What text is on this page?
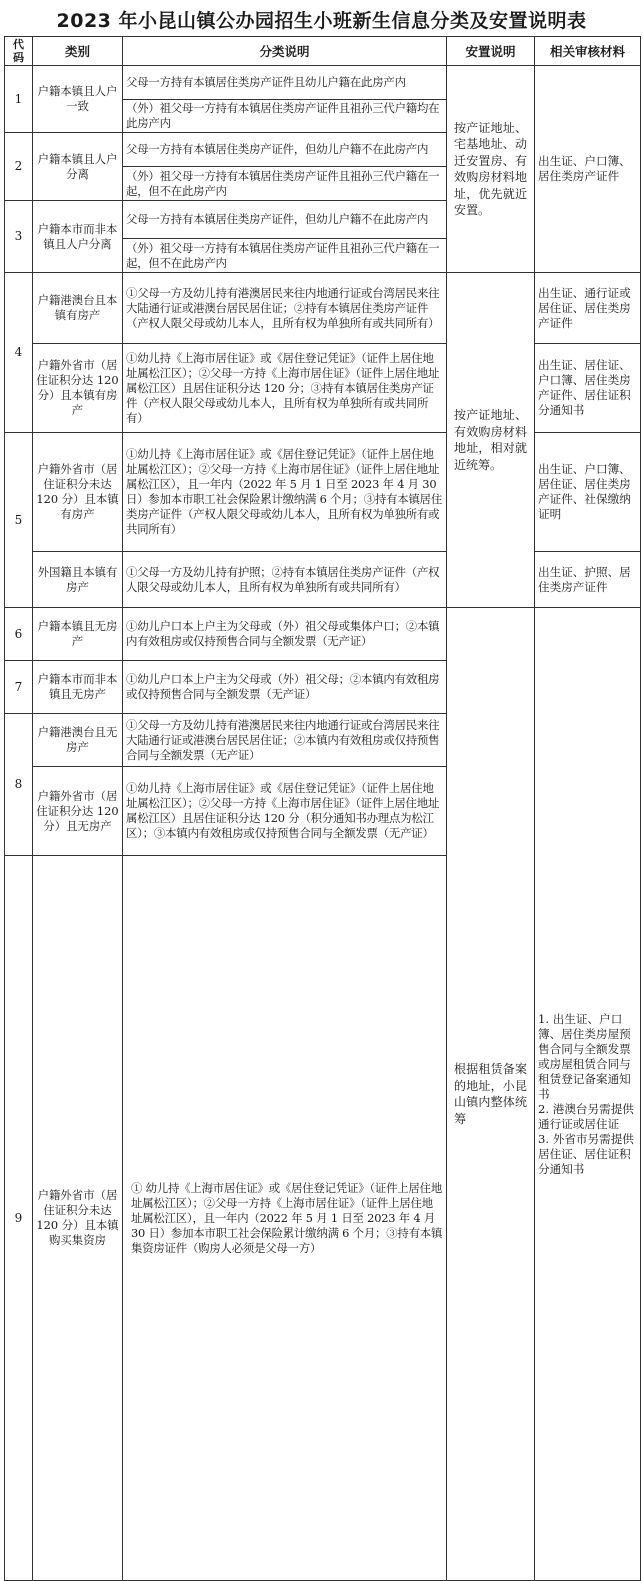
2023 年小昆山镇公办园招生小班新生信息分类及安置说明表
代码	类别	分类说明	安置说明	相关审核材料	
1	户籍本镇且人户一致	父母一方持有本镇居住类房产证件且幼儿户籍在此房产内	按产证地址、宅基地址、动迁安置房、有效购房材料地址，优先就近安置。	出生证、户口簿、居住类房产证件	
		（外）祖父母一方持有本镇居住类房产证件且祖孙三代户籍均在此房产内			
2	户籍本镇且人户分离	父母一方持有本镇居住类房产证件，但幼儿户籍不在此房产内			
		（外）祖父母一方持有本镇居住类房产证件且祖孙三代户籍在一起，但不在此房产内			
3	户籍本市而非本镇且人户分离	父母一方持有本镇居住类房产证件，但幼儿户籍不在此房产内			
		（外）祖父母一方持有本镇居住类房产证件且祖孙三代户籍在一起，但不在此房产内			
4	户籍港澳台且本镇有房产	①父母一方及幼儿持有港澳居民来往内地通行证或台湾居民来往大陆通行证或港澳台居民居住证；②持有本镇居住类房产证件（产权人限父母或幼儿本人，且所有权为单独所有或共同所有）	按产证地址、有效购房材料地址，相对就近统筹。	出生证、通行证或居住证、居住类房产证件	
	户籍外省市（居住证积分达 120 分）且本镇有房产	①幼儿持《上海市居住证》或《居住登记凭证》（证件上居住地址属松江区）；②父母一方持《上海市居住证》（证件上居住地址属松江区）且居住证积分达 120 分；③持有本镇居住类房产证件（产权人限父母或幼儿本人，且所有权为单独所有或共同所有）		出生证、居住证、户口簿、居住类房产证件、居住证积分通知书	
5	户籍外省市（居住证积分未达 120 分）且本镇有房产	①幼儿持《上海市居住证》或《居住登记凭证》（证件上居住地址属松江区）；②父母一方持《上海市居住证》（证件上居住地址属松江区），且一年内（2022 年 5 月 1 日至 2023 年 4 月 30 日）参加本市职工社会保险累计缴纳满 6 个月；③持有本镇居住类房产证件（产权人限父母或幼儿本人，且所有权为单独所有或共同所有）		出生证、户口簿、居住证、居住类房产证件、社保缴纳证明	
	外国籍且本镇有房产	①父母一方及幼儿持有护照；②持有本镇居住类房产证件（产权人限父母或幼儿本人，且所有权为单独所有或共同所有）		出生证、护照、居住类房产证件	
6	户籍本镇且无房产	①幼儿户口本上户主为父母或（外）祖父母或集体户口；②本镇内有效租房或仅持预售合同与全额发票（无产证）	根据租赁备案的地址，小昆山镇内整体统筹	1. 出生证、户口簿、居住类房屋预售合同与全额发票或房屋租赁合同与租赁登记备案通知书
2. 港澳台另需提供通行证或居住证
3. 外省市另需提供居住证、居住证积分通知书	
7	户籍本市而非本镇且无房产	①幼儿户口本上户主为父母或（外）祖父母；②本镇内有效租房或仅持预售合同与全额发票（无产证）			
8	户籍港澳台且无房产	①父母一方及幼儿持有港澳居民来往内地通行证或台湾居民来往大陆通行证或港澳台居民居住证；②本镇内有效租房或仅持预售合同与全额发票（无产证）			
	户籍外省市（居住证积分达 120 分）且无房产	①幼儿持《上海市居住证》或《居住登记凭证》（证件上居住地址属松江区）；②父母一方持《上海市居住证》（证件上居住地址属松江区）且居住证积分达 120 分（积分通知书办理点为松江区）；③本镇内有效租房或仅持预售合同与全额发票（无产证）			
9	户籍外省市（居住证积分未达 120 分）且本镇购买集资房	① 幼儿持《上海市居住证》或《居住登记凭证》（证件上居住地址属松江区）；②父母一方持《上海市居住证》（证件上居住地址属松江区），且一年内（2022 年 5 月 1 日至 2023 年 4 月 30 日）参加本市职工社会保险累计缴纳满 6 个月；③持有本镇集资房证件（购房人必须是父母一方）	
